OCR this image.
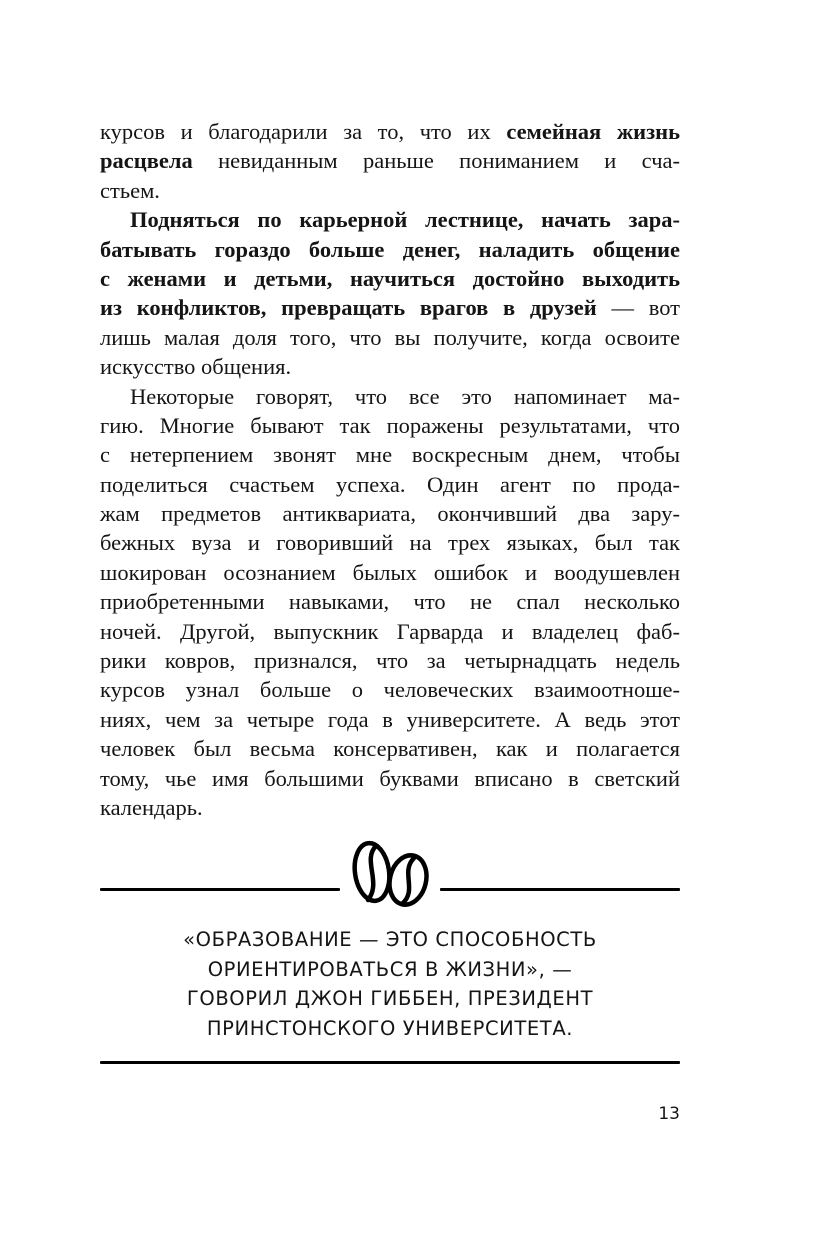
курсов и благодарили за то, что их семейная жизнь
расцвела невиданным раньше пониманием и сча-
стьем.
Подняться по карьерной лестнице, начать зара-
батывать гораздо больше денег, наладить общение
с женами и детьми, научиться достойно выходить
из конфликтов, превращать врагов в друзей — вот
лишь малая доля того, что вы получите, когда освоите
искусство общения.
Некоторые говорят, что все это напоминает ма-
гию. Многие бывают так поражены результатами, что
с нетерпением звонят мне воскресным днем, чтобы
поделиться счастьем успеха. Один агент по прода-
жам предметов антиквариата, окончивший два зару-
бежных вуза и говоривший на трех языках, был так
шокирован осознанием былых ошибок и воодушевлен
приобретенными навыками, что не спал несколько
ночей. Другой, выпускник Гарварда и владелец фаб-
рики ковров, признался, что за четырнадцать недель
курсов узнал больше о человеческих взаимоотноше-
ниях, чем за четыре года в университете. А ведь этот
человек был весьма консервативен, как и полагается
тому, чье имя большими буквами вписано в светский
календарь.
«ОБРАЗОВАНИЕ — ЭТО СПОСОБНОСТЬ
ОРИЕНТИРОВАТЬСЯ В ЖИЗНИ», —
ГОВОРИЛ ДЖОН ГИББЕН, ПРЕЗИДЕНТ
ПРИНСТОНСКОГО УНИВЕРСИТЕТА.
13
